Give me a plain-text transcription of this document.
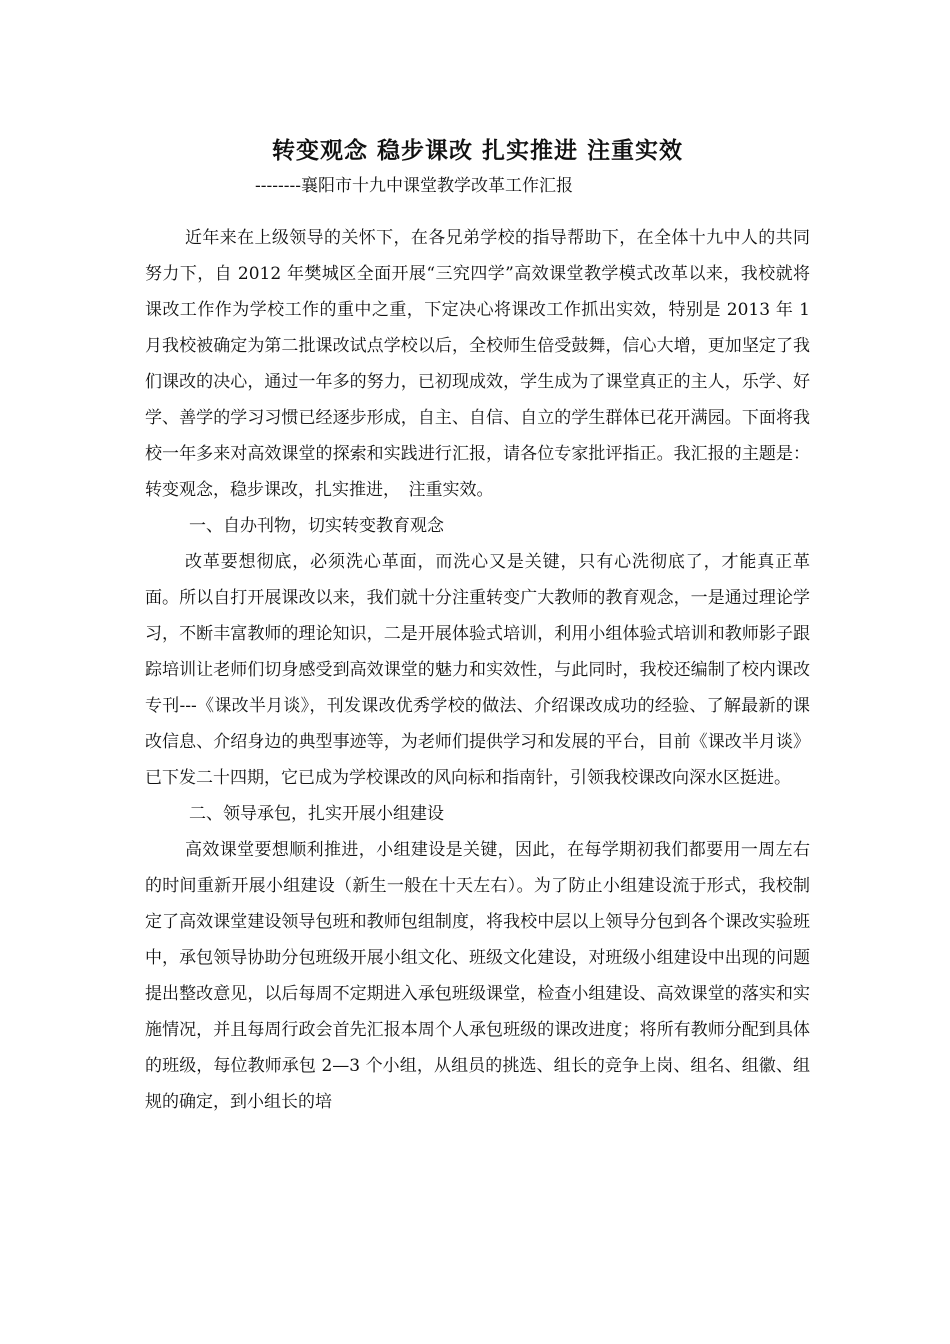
转变观念 稳步课改 扎实推进 注重实效
--------襄阳市十九中课堂教学改革工作汇报

近年来在上级领导的关怀下，在各兄弟学校的指导帮助下，在全体十九中人的共同努力下，自 2012 年樊城区全面开展“三究四学”高效课堂教学模式改革以来，我校就将课改工作作为学校工作的重中之重，下定决心将课改工作抓出实效，特别是 2013 年 1 月我校被确定为第二批课改试点学校以后，全校师生倍受鼓舞，信心大增，更加坚定了我们课改的决心，通过一年多的努力，已初现成效，学生成为了课堂真正的主人，乐学、好学、善学的学习习惯已经逐步形成，自主、自信、自立的学生群体已花开满园。下面将我校一年多来对高效课堂的探索和实践进行汇报，请各位专家批评指正。我汇报的主题是：转变观念，稳步课改，扎实推进，　注重实效。

一、自办刊物，切实转变教育观念

改革要想彻底，必须洗心革面，而洗心又是关键，只有心洗彻底了，才能真正革面。所以自打开展课改以来，我们就十分注重转变广大教师的教育观念，一是通过理论学习，不断丰富教师的理论知识，二是开展体验式培训，利用小组体验式培训和教师影子跟踪培训让老师们切身感受到高效课堂的魅力和实效性，与此同时，我校还编制了校内课改专刊---《课改半月谈》，刊发课改优秀学校的做法、介绍课改成功的经验、了解最新的课改信息、介绍身边的典型事迹等，为老师们提供学习和发展的平台，目前《课改半月谈》已下发二十四期，它已成为学校课改的风向标和指南针，引领我校课改向深水区挺进。

二、领导承包，扎实开展小组建设

高效课堂要想顺利推进，小组建设是关键，因此，在每学期初我们都要用一周左右的时间重新开展小组建设（新生一般在十天左右）。为了防止小组建设流于形式，我校制定了高效课堂建设领导包班和教师包组制度，将我校中层以上领导分包到各个课改实验班中，承包领导协助分包班级开展小组文化、班级文化建设，对班级小组建设中出现的问题提出整改意见，以后每周不定期进入承包班级课堂，检查小组建设、高效课堂的落实和实施情况，并且每周行政会首先汇报本周个人承包班级的课改进度；将所有教师分配到具体的班级，每位教师承包 2—3 个小组，从组员的挑选、组长的竞争上岗、组名、组徽、组规的确定，到小组长的培
